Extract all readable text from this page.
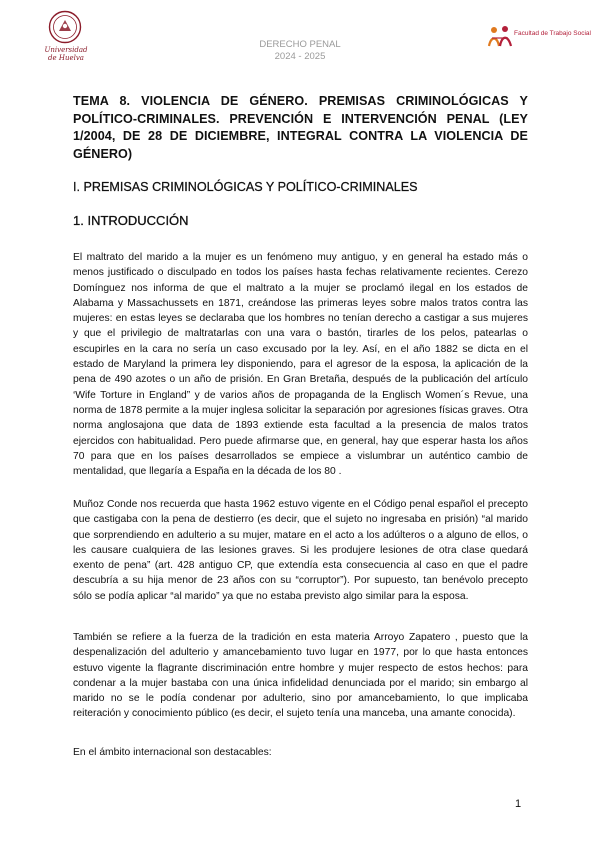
Universidad de Huelva
DERECHO PENAL
2024 - 2025
Facultad de Trabajo Social
TEMA 8. VIOLENCIA DE GÉNERO. PREMISAS CRIMINOLÓGICAS Y POLÍTICO-CRIMINALES. PREVENCIÓN E INTERVENCIÓN PENAL (LEY 1/2004, DE 28 DE DICIEMBRE, INTEGRAL CONTRA LA VIOLENCIA DE GÉNERO)
I. PREMISAS CRIMINOLÓGICAS Y POLÍTICO-CRIMINALES
1. INTRODUCCIÓN

El maltrato del marido a la mujer es un fenómeno muy antiguo, y en general ha estado más o menos justificado o disculpado en todos los países hasta fechas relativamente recientes. Cerezo Domínguez nos informa de que el maltrato a la mujer se proclamó ilegal en los estados de Alabama y Massachussets en 1871, creándose las primeras leyes sobre malos tratos contra las mujeres: en estas leyes se declaraba que los hombres no tenían derecho a castigar a sus mujeres y que el privilegio de maltratarlas con una vara o bastón, tirarles de los pelos, patearlas o escupirles en la cara no sería un caso excusado por la ley. Así, en el año 1882 se dicta en el estado de Maryland la primera ley disponiendo, para el agresor de la esposa, la aplicación de la pena de 490 azotes o un año de prisión. En Gran Bretaña, después de la publicación del artículo ‘Wife Torture in England” y de varios años de propaganda de la Englisch Women´s Revue, una norma de 1878 permite a la mujer inglesa solicitar la separación por agresiones físicas graves. Otra norma anglosajona que data de 1893 extiende esta facultad a la presencia de malos tratos ejercidos con habitualidad. Pero puede afirmarse que, en general, hay que esperar hasta los años 70 para que en los países desarrollados se empiece a vislumbrar un auténtico cambio de mentalidad, que llegaría a España en la década de los 80 .

Muñoz Conde nos recuerda que hasta 1962 estuvo vigente en el Código penal español el precepto que castigaba con la pena de destierro (es decir, que el sujeto no ingresaba en prisión) “al marido que sorprendiendo en adulterio a su mujer, matare en el acto a los adúlteros o a alguno de ellos, o les causare cualquiera de las lesiones graves. Si les produjere lesiones de otra clase quedará exento de pena” (art. 428 antiguo CP, que extendía esta consecuencia al caso en que el padre descubría a su hija menor de 23 años con su “corruptor”). Por supuesto, tan benévolo precepto sólo se podía aplicar “al marido” ya que no estaba previsto algo similar para la esposa.

También se refiere a la fuerza de la tradición en esta materia Arroyo Zapatero , puesto que la despenalización del adulterio y amancebamiento tuvo lugar en 1977, por lo que hasta entonces estuvo vigente la flagrante discriminación entre hombre y mujer respecto de estos hechos: para condenar a la mujer bastaba con una única infidelidad denunciada por el marido; sin embargo al marido no se le podía condenar por adulterio, sino por amancebamiento, lo que implicaba reiteración y conocimiento público (es decir, el sujeto tenía una manceba, una amante conocida).

En el ámbito internacional son destacables:

1
